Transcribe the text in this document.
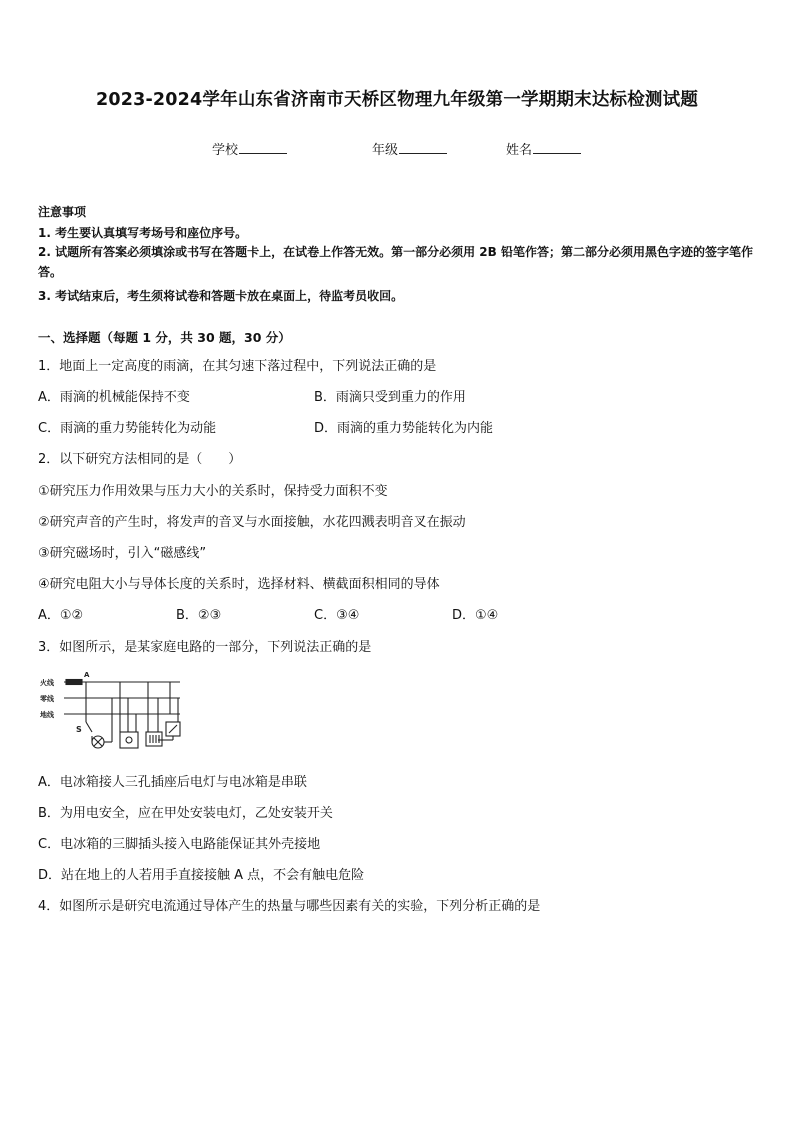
2023-2024学年山东省济南市天桥区物理九年级第一学期期末达标检测试题
学校	年级	姓名
注意事项
1. 考生要认真填写考场号和座位序号。
2. 试题所有答案必须填涂或书写在答题卡上，在试卷上作答无效。第一部分必须用 2B 铅笔作答；第二部分必须用黑色字迹的签字笔作答。
3. 考试结束后，考生须将试卷和答题卡放在桌面上，待监考员收回。
一、选择题（每题 1 分，共 30 题，30 分）
1．地面上一定高度的雨滴，在其匀速下落过程中，下列说法正确的是
A．雨滴的机械能保持不变	B．雨滴只受到重力的作用
C．雨滴的重力势能转化为动能	D．雨滴的重力势能转化为内能
2．以下研究方法相同的是（　　）
①研究压力作用效果与压力大小的关系时，保持受力面积不变
②研究声音的产生时，将发声的音叉与水面接触，水花四溅表明音叉在振动
③研究磁场时，引入“磁感线”
④研究电阻大小与导体长度的关系时，选择材料、横截面积相同的导体
A．①②	B．②③	C．③④	D．①④
3．如图所示，是某家庭电路的一部分，下列说法正确的是
火线
零线
地线
A
S
A．电冰箱接人三孔插座后电灯与电冰箱是串联
B．为用电安全，应在甲处安装电灯，乙处安装开关
C．电冰箱的三脚插头接入电路能保证其外壳接地
D．站在地上的人若用手直接接触 A 点，不会有触电危险
4．如图所示是研究电流通过导体产生的热量与哪些因素有关的实验，下列分析正确的是
